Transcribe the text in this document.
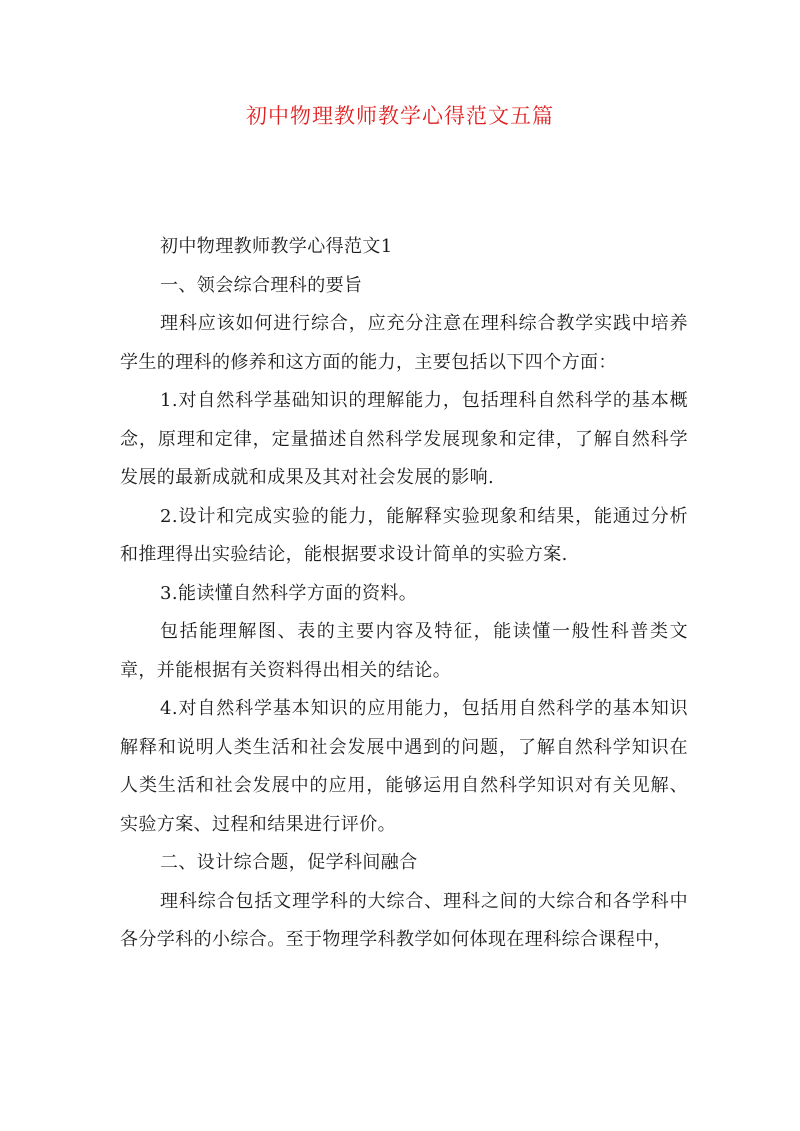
初中物理教师教学心得范文五篇

初中物理教师教学心得范文1

一、领会综合理科的要旨

理科应该如何进行综合，应充分注意在理科综合教学实践中培养学生的理科的修养和这方面的能力，主要包括以下四个方面：

1.对自然科学基础知识的理解能力，包括理科自然科学的基本概念，原理和定律，定量描述自然科学发展现象和定律，了解自然科学发展的最新成就和成果及其对社会发展的影响.

2.设计和完成实验的能力，能解释实验现象和结果，能通过分析和推理得出实验结论，能根据要求设计简单的实验方案.

3.能读懂自然科学方面的资料。

包括能理解图、表的主要内容及特征，能读懂一般性科普类文章，并能根据有关资料得出相关的结论。

4.对自然科学基本知识的应用能力，包括用自然科学的基本知识解释和说明人类生活和社会发展中遇到的问题，了解自然科学知识在人类生活和社会发展中的应用，能够运用自然科学知识对有关见解、实验方案、过程和结果进行评价。

二、设计综合题，促学科间融合

理科综合包括文理学科的大综合、理科之间的大综合和各学科中各分学科的小综合。至于物理学科教学如何体现在理科综合课程中，
